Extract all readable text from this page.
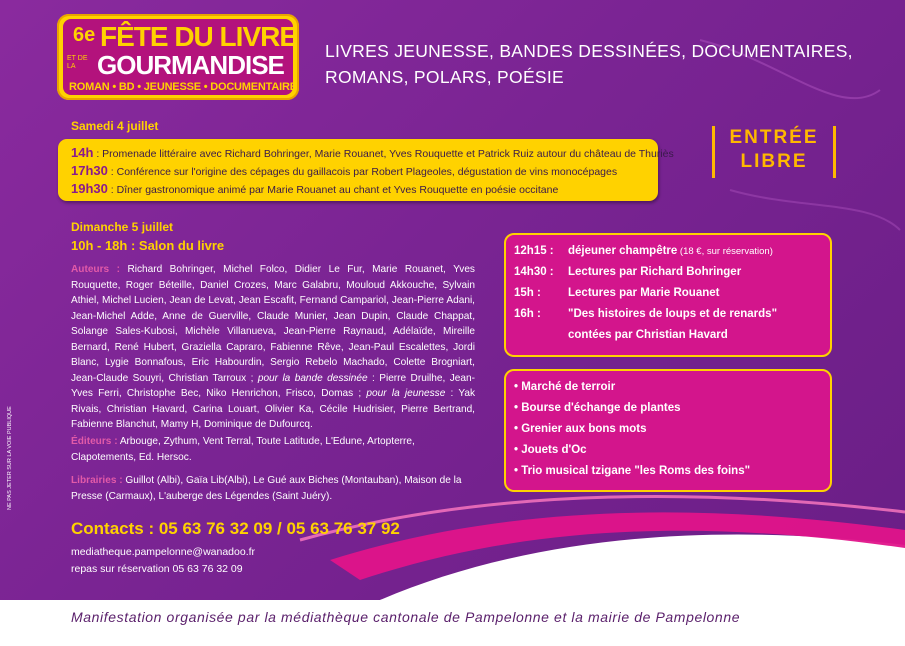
6e FÊTE DU LIVRE
ET DE LA GOURMANDISE
ROMAN • BD • JEUNESSE • DOCUMENTAIRE
LIVRES JEUNESSE, BANDES DESSINÉES, DOCUMENTAIRES,
ROMANS, POLARS, POÉSIE
ENTRÉE
LIBRE
Samedi 4 juillet
14h : Promenade littéraire avec Richard Bohringer, Marie Rouanet, Yves Rouquette et Patrick Ruiz autour du château de Thuriès
17h30 : Conférence sur l'origine des cépages du gaillacois par Robert Plageoles, dégustation de vins monocépages
19h30 : Dîner gastronomique animé par Marie Rouanet au chant et Yves Rouquette en poésie occitane
Dimanche 5 juillet
10h - 18h : Salon du livre
Auteurs : Richard Bohringer, Michel Folco, Didier Le Fur, Marie Rouanet, Yves Rouquette, Roger Béteille, Daniel Crozes, Marc Galabru, Mouloud Akkouche, Sylvain Athiel, Michel Lucien, Jean de Levat, Jean Escafit, Fernand Campariol, Jean-Pierre Adani, Jean-Michel Adde, Anne de Guerville, Claude Munier, Jean Dupin, Claude Chappat, Solange Sales-Kubosi, Michèle Villanueva, Jean-Pierre Raynaud, Adélaïde, Mireille Bernard, René Hubert, Graziella Capraro, Fabienne Rêve, Jean-Paul Escalettes, Jordi Blanc, Lygie Bonnafous, Eric Habourdin, Sergio Rebelo Machado, Colette Brogniart, Jean-Claude Souyri, Christian Tarroux ; pour la bande dessinée : Pierre Druilhe, Jean-Yves Ferri, Christophe Bec, Niko Henrichon, Frisco, Domas ; pour la jeunesse : Yak Rivais, Christian Havard, Carina Louart, Olivier Ka, Cécile Hudrisier, Pierre Bertrand, Fabienne Blanchut, Mamy H, Dominique de Dufourcq.
Éditeurs : Arbouge, Zythum, Vent Terral, Toute Latitude, L'Edune, Artopterre, Clapotements, Ed. Hersoc.
Librairies : Guillot (Albi), Gaïa Lib(Albi), Le Gué aux Biches (Montauban), Maison de la Presse (Carmaux), L'auberge des Légendes (Saint Juéry).
12h15 : déjeuner champêtre (18 €, sur réservation)
14h30 : Lectures par Richard Bohringer
15h : Lectures par Marie Rouanet
16h : "Des histoires de loups et de renards"
contées par Christian Havard
• Marché de terroir
• Bourse d'échange de plantes
• Grenier aux bons mots
• Jouets d'Oc
• Trio musical tzigane "les Roms des foins"
Contacts : 05 63 76 32 09 / 05 63 76 37 92
mediatheque.pampelonne@wanadoo.fr
repas sur réservation 05 63 76 32 09
NE PAS JETER SUR LA VOIE PUBLIQUE
Manifestation organisée par la médiathèque cantonale de Pampelonne et la mairie de Pampelonne
